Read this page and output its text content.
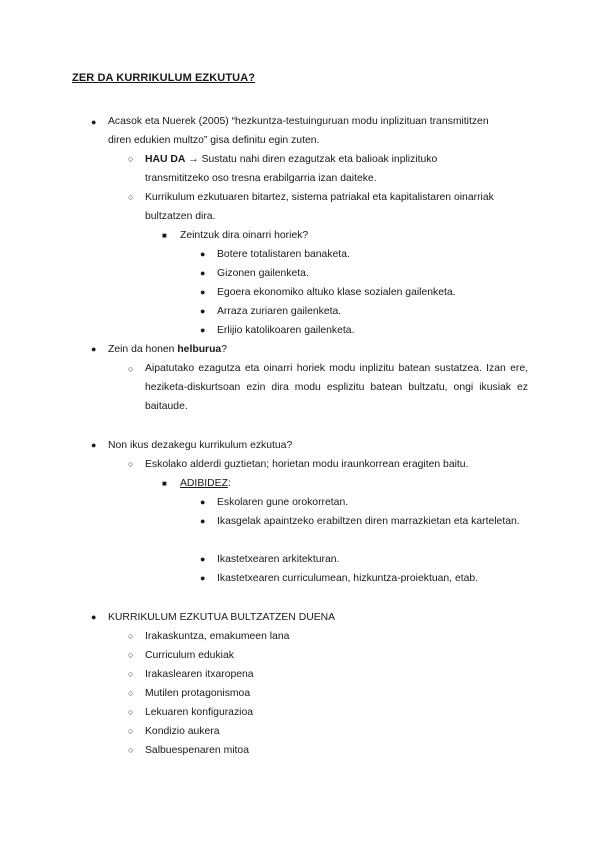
ZER DA KURRIKULUM EZKUTUA?
● Acasok eta Nuerek (2005) “hezkuntza-testuinguruan modu inplizituan transmititzen
diren edukien multzo” gisa definitu egin zuten.
○ HAU DA → Sustatu nahi diren ezagutzak eta balioak inplizituko
transmititzeko oso tresna erabilgarria izan daiteke.
○ Kurrikulum ezkutuaren bitartez, sistema patriakal eta kapitalistaren oinarriak
bultzatzen dira.
■ Zeintzuk dira oinarri horiek?
● Botere totalistaren banaketa.
● Gizonen gailenketa.
● Egoera ekonomiko altuko klase sozialen gailenketa.
● Arraza zuriaren gailenketa.
● Erlijio katolikoaren gailenketa.
● Zein da honen helburua?
○ Aipatutako ezagutza eta oinarri horiek modu inplizitu batean sustatzea. Izan ere, heziketa-diskurtsoan ezin dira modu esplizitu batean bultzatu, ongi ikusiak ez baitaude.
● Non ikus dezakegu kurrikulum ezkutua?
○ Eskolako alderdi guztietan; horietan modu iraunkorrean eragiten baitu.
■ ADIBIDEZ:
● Eskolaren gune orokorretan.
● Ikasgelak apaintzeko erabiltzen diren marrazkietan eta karteletan.
● Ikastetxearen arkitekturan.
● Ikastetxearen curriculumean, hizkuntza-proiektuan, etab.
● KURRIKULUM EZKUTUA BULTZATZEN DUENA
○ Irakaskuntza, emakumeen lana
○ Curriculum edukiak
○ Irakaslearen itxaropena
○ Mutilen protagonismoa
○ Lekuaren konfigurazioa
○ Kondizio aukera
○ Salbuespenaren mitoa
